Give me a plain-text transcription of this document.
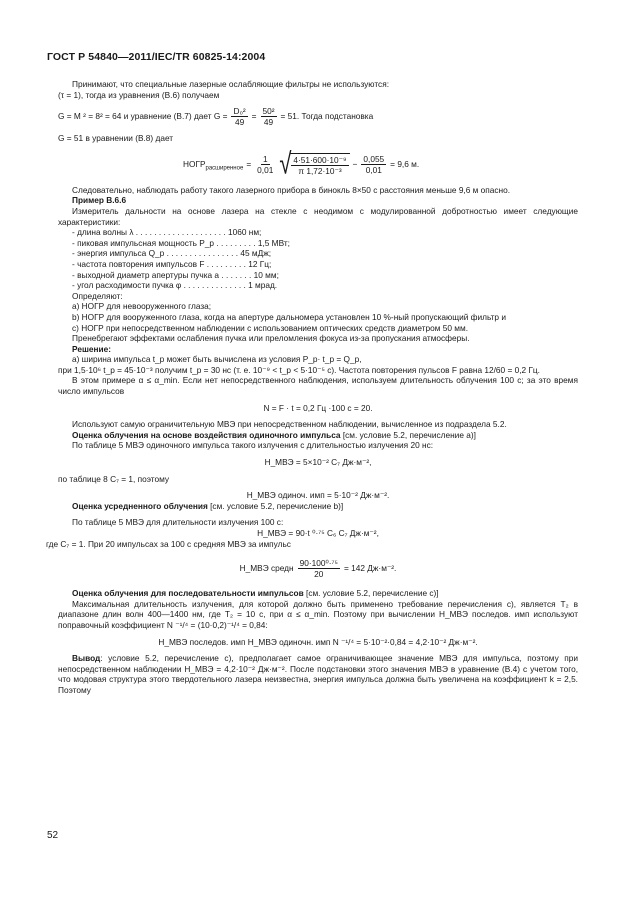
ГОСТ Р 54840—2011/IEC/TR 60825-14:2004

Принимают, что специальные лазерные ослабляющие фильтры не используются:

(τ = 1), тогда из уравнения (В.6) получаем

G = M ² = 8² = 64 и уравнение (В.7) дает $G = \frac{\text{D₀²}}{49} = \frac{\text{50²}}{49} = 51$. Тогда подстановка

G = 51 в уравнении (В.8) дает

$НОГР_{расширенное} = \frac{1}{0,01}$ √ $\frac{\text{4·51·600·10⁻⁹}}{\text{π 1,72·10⁻³}} - \frac{0,055}{0,01} = 9,6$ м.

Следовательно, наблюдать работу такого лазерного прибора в бинокль 8×50 с расстояния меньше 9,6 м опасно.

Пример В.6.6

Измеритель дальности на основе лазера на стекле с неодимом с модулированной добротностью имеет следующие характеристики:

- длина волны λ . . . . . . . . . . . . . . . . . . . . 1060 нм;

- пиковая импульсная мощность P_p . . . . . . . . . 1,5 МВт;

- энергия импульса Q_p . . . . . . . . . . . . . . . . 45 мДж;

- частота повторения импульсов F . . . . . . . . . 12 Гц;

- выходной диаметр апертуры пучка a . . . . . . . 10 мм;

- угол расходимости пучка φ . . . . . . . . . . . . . . 1 мрад.

Определяют:

a) НОГР для невооруженного глаза;

b) НОГР для вооруженного глаза, когда на апертуре дальномера установлен 10 %-ный пропускающий фильтр и

c) НОГР при непосредственном наблюдении с использованием оптических средств диаметром 50 мм.

Пренебрегают эффектами ослабления пучка или преломления фокуса из-за пропускания атмосферы.

Решение:

а) ширина импульса t_p может быть вычислена из условия P_p· t_p = Q_p,

при 1,5·10⁶ t_p = 45·10⁻³ получим t_p = 30 нс (т. е. 10⁻⁹ < t_p < 5·10⁻⁵ с). Частота повторения пульсов F равна 12/60 = 0,2 Гц.

В этом примере α ≤ α_min. Если нет непосредственного наблюдения, используем длительность облучения 100 с; за это время число импульсов

N = F · t = 0,2 Гц ·100 с = 20.

Используют самую ограничительную МВЭ при непосредственном наблюдении, вычисленное из подраздела 5.2.

Оценка облучения на основе воздействия одиночного импульса [см. условие 5.2, перечисление а)]

По таблице 5 МВЭ одиночного импульса такого излучения с длительностью излучения 20 нс:

Н_МВЭ = 5×10⁻² С₇ Дж·м⁻²,

по таблице 8 С₇ = 1, поэтому

Н_МВЭ одиноч. имп = 5·10⁻² Дж·м⁻².

Оценка усредненного облучения [см. условие 5.2, перечисление b)]

По таблице 5 МВЭ для длительности излучения 100 с:

Н_МВЭ = 90·t ⁰·⁷⁵ С₆ С₇ Дж·м⁻²,

где С₇ = 1. При 20 импульсах за 100 с средняя МВЭ за импульс

Н_МВЭ средн $\frac{\text{90·100⁰·⁷⁵}}{20} = 142$ Дж·м⁻².

Оценка облучения для последовательности импульсов [см. условие 5.2, перечисление с)]

Максимальная длительность излучения, для которой должно быть применено требование перечисления с), является T₂ в диапазоне длин волн 400—1400 нм, где T₂ = 10 с, при α ≤ α_min. Поэтому при вычислении Н_МВЭ последов. имп используют поправочный коэффициент N ⁻¹/⁴ = (10·0,2)⁻¹/⁴ = 0,84:

Н_МВЭ последов. имп Н_МВЭ одиночн. имп N ⁻¹/⁴ = 5·10⁻²·0,84 = 4,2·10⁻² Дж·м⁻².

Вывод: условие 5.2, перечисление с), предполагает самое ограничивающее значение МВЭ для импульса, поэтому при непосредственном наблюдении Н_МВЭ = 4,2·10⁻² Дж·м⁻². После подстановки этого значения МВЭ в уравнение (В.4) с учетом того, что модовая структура этого твердотельного лазера неизвестна, энергия импульса должна быть увеличена на коэффициент k = 2,5. Поэтому

52
